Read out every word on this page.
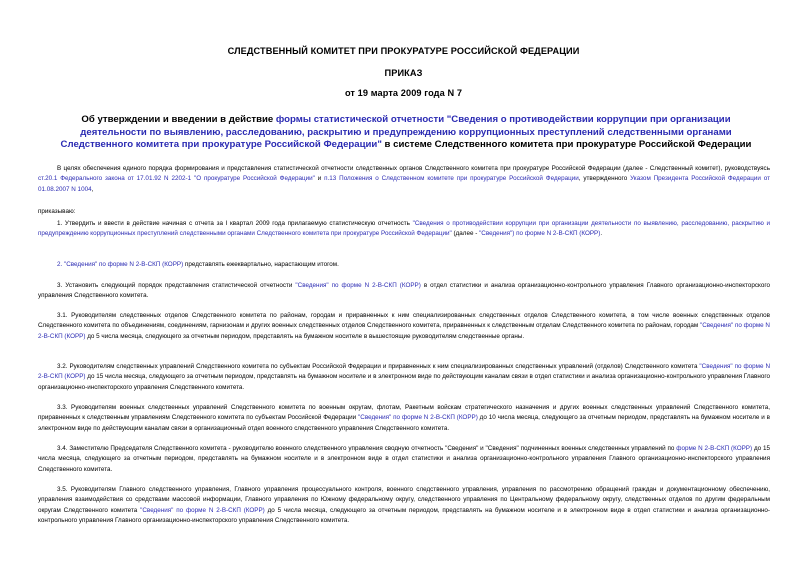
СЛЕДСТВЕННЫЙ КОМИТЕТ ПРИ ПРОКУРАТУРЕ РОССИЙСКОЙ ФЕДЕРАЦИИ
ПРИКАЗ
от 19 марта 2009 года N 7
Об утверждении и введении в действие формы статистической отчетности "Сведения о противодействии коррупции при организации деятельности по выявлению, расследованию, раскрытию и предупреждению коррупционных преступлений следственными органами Следственного комитета при прокуратуре Российской Федерации" в системе Следственного комитета при прокуратуре Российской Федерации
В целях обеспечения единого порядка формирования и представления статистической отчетности следственных органов Следственного комитета при прокуратуре Российской Федерации (далее - Следственный комитет), руководствуясь ст.20.1 Федерального закона от 17.01.92 N 2202-1 "О прокуратуре Российской Федерации" и п.13 Положения о Следственном комитете при прокуратуре Российской Федерации, утвержденного Указом Президента Российской Федерации от 01.08.2007 N 1004,
приказываю:
1. Утвердить и ввести в действие начиная с отчета за I квартал 2009 года прилагаемую статистическую отчетность "Сведения о противодействии коррупции при организации деятельности по выявлению, расследованию, раскрытию и предупреждению коррупционных преступлений следственными органами Следственного комитета при прокуратуре Российской Федерации" (далее - "Сведения") по форме N 2-В-СКП (КОРР).
2. "Сведения" по форме N 2-В-СКП (КОРР) представлять ежеквартально, нарастающим итогом.
3. Установить следующий порядок представления статистической отчетности "Сведения" по форме N 2-В-СКП (КОРР) в отдел статистики и анализа организационно-контрольного управления Главного организационно-инспекторского управления Следственного комитета.
3.1. Руководителям следственных отделов Следственного комитета по районам, городам и приравненных к ним специализированных следственных отделов Следственного комитета, в том числе военных следственных отделов Следственного комитета по объединениям, соединениям, гарнизонам и других военных следственных отделов Следственного комитета, приравненных к следственным отделам Следственного комитета по районам, городам "Сведения" по форме N 2-В-СКП (КОРР) до 5 числа месяца, следующего за отчетным периодом, представлять на бумажном носителе в вышестоящие руководителям следственные органы.
3.2. Руководителям следственных управлений Следственного комитета по субъектам Российской Федерации и приравненных к ним специализированных следственных управлений (отделов) Следственного комитета "Сведения" по форме N 2-В-СКП (КОРР) до 15 числа месяца, следующего за отчетным периодом, представлять на бумажном носителе и в электронном виде по действующим каналам связи в отдел статистики и анализа организационно-контрольного управления Главного организационно-инспекторского управления Следственного комитета.
3.3. Руководителям военных следственных управлений Следственного комитета по военным округам, флотам, Ракетным войскам стратегического назначения и других военных следственных управлений Следственного комитета, приравненных к следственным управлениям Следственного комитета по субъектам Российской Федерации "Сведения" по форме N 2-В-СКП (КОРР) до 10 числа месяца, следующего за отчетным периодом, представлять на бумажном носителе и в электронном виде по действующим каналам связи в организационный отдел военного следственного управления Следственного комитета.
3.4. Заместителю Председателя Следственного комитета - руководителю военного следственного управления сводную отчетность "Сведения" и "Сведения" подчиненных военных следственных управлений по форме N 2-В-СКП (КОРР) до 15 числа месяца, следующего за отчетным периодом, представлять на бумажном носителе и в электронном виде в отдел статистики и анализа организационно-контрольного управления Главного организационно-инспекторского управления Следственного комитета.
3.5. Руководителям Главного следственного управления, Главного управления процессуального контроля, военного следственного управления, управления по рассмотрению обращений граждан и документационному обеспечению, управления взаимодействия со средствами массовой информации, Главного управления по Южному федеральному округу, следственного управления по Центральному федеральному округу, следственных отделов по другим федеральным округам Следственного комитета "Сведения" по форме N 2-В-СКП (КОРР) до 5 числа месяца, следующего за отчетным периодом, представлять на бумажном носителе и в электронном виде в отдел статистики и анализа организационно-контрольного управления Главного организационно-инспекторского управления Следственного комитета.
